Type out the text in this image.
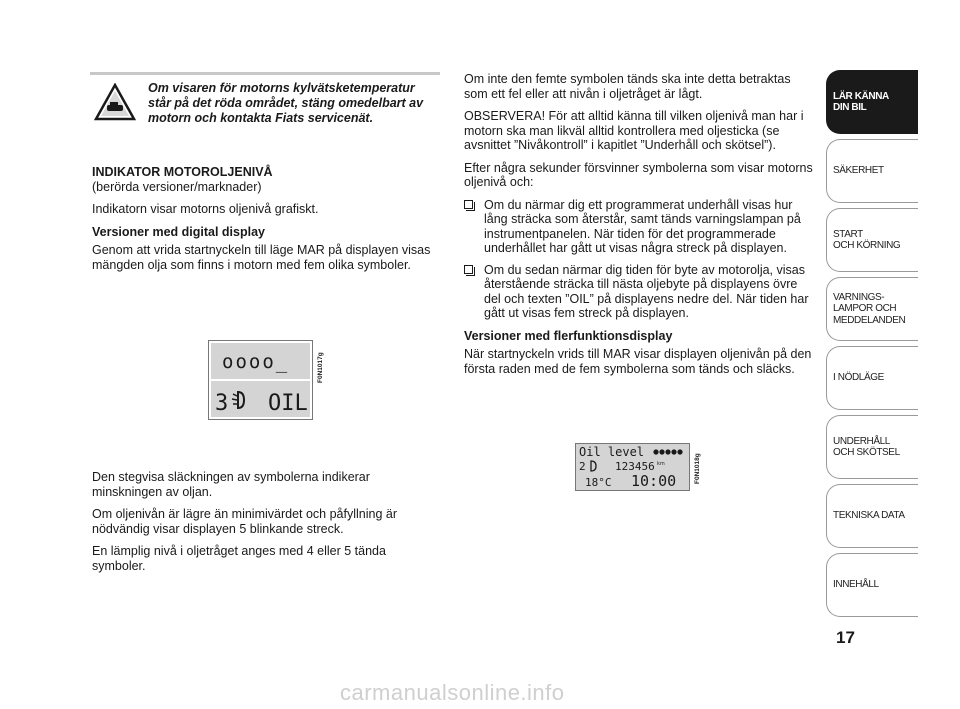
Om visaren för motorns kylvätsketemperatur står på det röda området, stäng omedelbart av motorn och kontakta Fiats servicenät.
INDIKATOR MOTOROLJENIVÅ

(berörda versioner/marknader)

Indikatorn visar motorns oljenivå grafiskt.

Versioner med digital display

Genom att vrida startnyckeln till läge MAR på displayen visas mängden olja som finns i motorn med fem olika symboler.

oooo_
3 OIL
F0N1017g

Den stegvisa släckningen av symbolerna indikerar minskningen av oljan.

Om oljenivån är lägre än minimivärdet och påfyllning är nödvändig visar displayen 5 blinkande streck.

En lämplig nivå i oljetråget anges med 4 eller 5 tända symboler.

Om inte den femte symbolen tänds ska inte detta betraktas som ett fel eller att nivån i oljetråget är lågt.

OBSERVERA! För att alltid känna till vilken oljenivå man har i motorn ska man likväl alltid kontrollera med oljesticka (se avsnittet ”Nivåkontroll” i kapitlet ”Underhåll och skötsel”).

Efter några sekunder försvinner symbolerna som visar motorns oljenivå och:

Om du närmar dig ett programmerat underhåll visas hur lång sträcka som återstår, samt tänds varningslampan på instrumentpanelen. När tiden för det programmerade underhållet har gått ut visas några streck på displayen.
Om du sedan närmar dig tiden för byte av motorolja, visas återstående sträcka till nästa oljebyte på displayens övre del och texten ”OIL” på displayens nedre del. När tiden har gått ut visas fem streck på displayen.
Versioner med flerfunktionsdisplay

När startnyckeln vrids till MAR visar displayen oljenivån på den första raden med de fem symbolerna som tänds och släcks.

Oil level
2	123456 km
18°C 10:00	F0N1018g
LÄR KÄNNA
DIN BIL
SÄKERHET
START
OCH KÖRNING
VARNINGS-
LAMPOR OCH
MEDDELANDEN
I NÖDLÄGE
UNDERHÅLL
OCH SKÖTSEL
TEKNISKA DATA
INNEHÅLL
17
carmanualsonline.info
